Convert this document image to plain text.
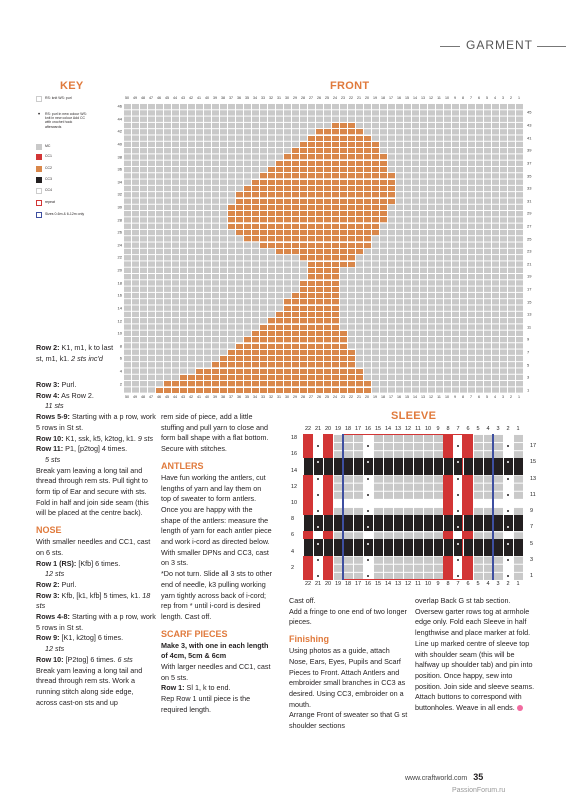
GARMENT
KEY
RS: knit WS: purl
•	RS: purl in new colour WS: knit in new colour Add CC with crochet hook afterwards
MC
CC1
CC2
CC3
CC4
repeat
Sizes 0-6m & 6-12m only
FRONT
50 49 48 47 46 45 44 43 42 41 40 39 38 37 36 35 34 33 32 31 30 29 28 27 26 25 24 23 22 21 20 19 18 17 16 15 14 13 12 11 10 9 8 7 6 5 4 3 2 1
46
44
42
40
38
36
34
32
30
28
26
24
22
20
18
16
14
12
10
8
6
4
2
45
43
41
39
37
35
33
31
29
27
25
23
21
19
17
15
13
11
9
7
5
3
1
50 49 48 47 46 45 44 43 42 41 40 39 38 37 36 35 34 33 32 31 30 29 28 27 26 25 24 23 22 21 20 19 18 17 16 15 14 13 12 11 10 9 8 7 6 5 4 3 2 1
SLEEVE
22 21 20 19 18 17 16 15 14 13 12 11 10 9 8 7 6 5 4 3 2 1
18
16
14
12
10
8
6
4
2
17
15
13
11
9
7
5
3
1
22 21 20 19 18 17 16 15 14 13 12 11 10 9 8 7 6 5 4 3 2 1

Row 2: K1, m1, k to last st, m1, k1. 2 sts inc'd

Row 3: Purl.

Row 4: As Row 2.

11 sts

Rows 5-9: Starting with a p row, work 5 rows in St st.

Row 10: K1, ssk, k5, k2tog, k1. 9 sts

Row 11: P1, [p2tog] 4 times.

5 sts

Break yarn leaving a long tail and thread through rem sts. Pull tight to form tip of Ear and secure with sts. Fold in half and join side seam (this will be placed at the centre back).

NOSE

With smaller needles and CC1, cast on 6 sts.

Row 1 (RS): [Kfb] 6 times.

12 sts

Row 2: Purl.

Row 3: Kfb, [k1, kfb] 5 times, k1. 18 sts

Rows 4-8: Starting with a p row, work 5 rows in St st.

Row 9: [K1, k2tog] 6 times.

12 sts

Row 10: [P2tog] 6 times. 6 sts

Break yarn leaving a long tail and thread through rem sts. Work a running stitch along side edge, across cast-on sts and up

rem side of piece, add a little stuffing and pull yarn to close and form ball shape with a flat bottom. Secure with stitches.

ANTLERS

Have fun working the antlers, cut lengths of yarn and lay them on top of sweater to form antlers. Once you are happy with the shape of the antlers: measure the length of yarn for each antler piece and work i-cord as directed below.

With smaller DPNs and CC3, cast on 3 sts.

*Do not turn. Slide all 3 sts to other end of needle, k3 pulling working yarn tightly across back of i-cord; rep from * until i-cord is desired length. Cast off.

SCARF PIECES

Make 3, with one in each length of 4cm, 5cm & 6cm

With larger needles and CC1, cast on 5 sts.

Row 1: Sl 1, k to end.

Rep Row 1 until piece is the required length.

Cast off.

Add a fringe to one end of two longer pieces.

Finishing

Using photos as a guide, attach Nose, Ears, Eyes, Pupils and Scarf Pieces to Front. Attach Antlers and embroider small branches in CC3 as desired. Using CC3, embroider on a mouth.

Arrange Front of sweater so that G st shoulder sections

overlap Back G st tab section. Oversew garter rows tog at armhole edge only. Fold each Sleeve in half lengthwise and place marker at fold. Line up marked centre of sleeve top with shoulder seam (this will be halfway up shoulder tab) and pin into position. Once happy, sew into position. Join side and sleeve seams. Attach buttons to correspond with buttonholes. Weave in all ends.

www.craftworld.com 35
PassionForum.ru
